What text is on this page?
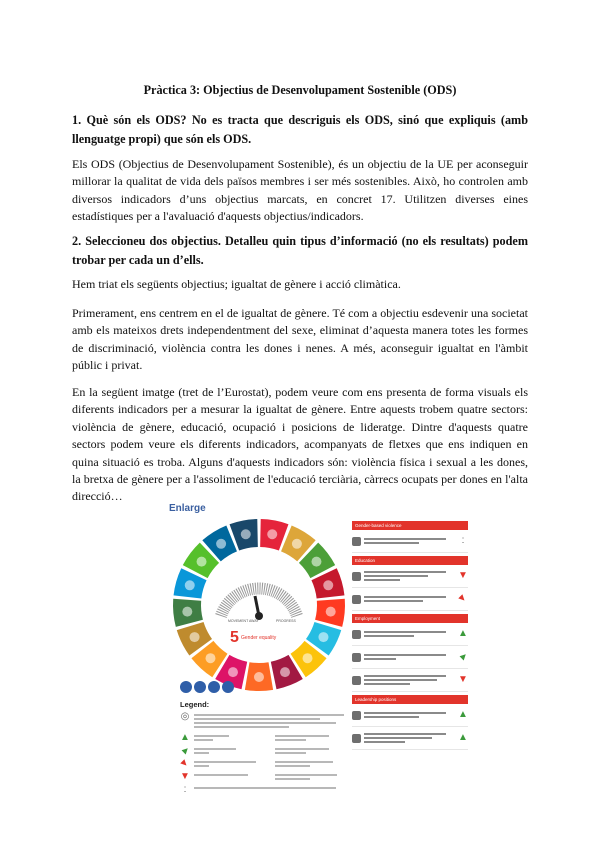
Pràctica 3: Objectius de Desenvolupament Sostenible (ODS)
1. Què són els ODS? No es tracta que descriguis els ODS, sinó que expliquis (amb llenguatge propi) que són els ODS.
Els ODS (Objectius de Desenvolupament Sostenible), és un objectiu de la UE per aconseguir millorar la qualitat de vida dels països membres i ser més sostenibles. Això, ho controlen amb diversos indicadors d’uns objectius marcats, en concret 17. Utilitzen diverses eines estadístiques per a l'avaluació d'aquests objectius/indicadors.
2. Seleccioneu dos objectius. Detalleu quin tipus d’informació (no els resultats) podem trobar per cada un d’ells.
Hem triat els següents objectius; igualtat de gènere i acció climàtica.
Primerament, ens centrem en el de igualtat de gènere. Té com a objectiu esdevenir una societat amb els mateixos drets independentment del sexe, eliminat d’aquesta manera totes les formes de discriminació, violència contra les dones i nenes. A més, aconseguir igualtat en l'àmbit públic i privat.
En la següent imatge (tret de l’Eurostat), podem veure com ens presenta de forma visuals els diferents indicadors per a mesurar la igualtat de gènere. Entre aquests trobem quatre sectors: violència de gènere, educació, ocupació i posicions de lideratge. Dintre d'aquests quatre sectors podem veure els diferents indicadors, acompanyats de fletxes que ens indiquen en quina situació es troba. Alguns d'aquests indicadors són: violència física i sexual a les dones, la bretxa de gènere per a l'assoliment de l'educació terciària, càrrecs ocupats per dones en l'alta direcció…
Enlarge
MOVEMENT AWAY	PROGRESS
5 Gender equality
Legend:
◎
▲
▲
▼
▼
:
Gender-based violence
:
Education
▼
▼
Employment
▲
▲
▼
Leadership positions
▲
▲
